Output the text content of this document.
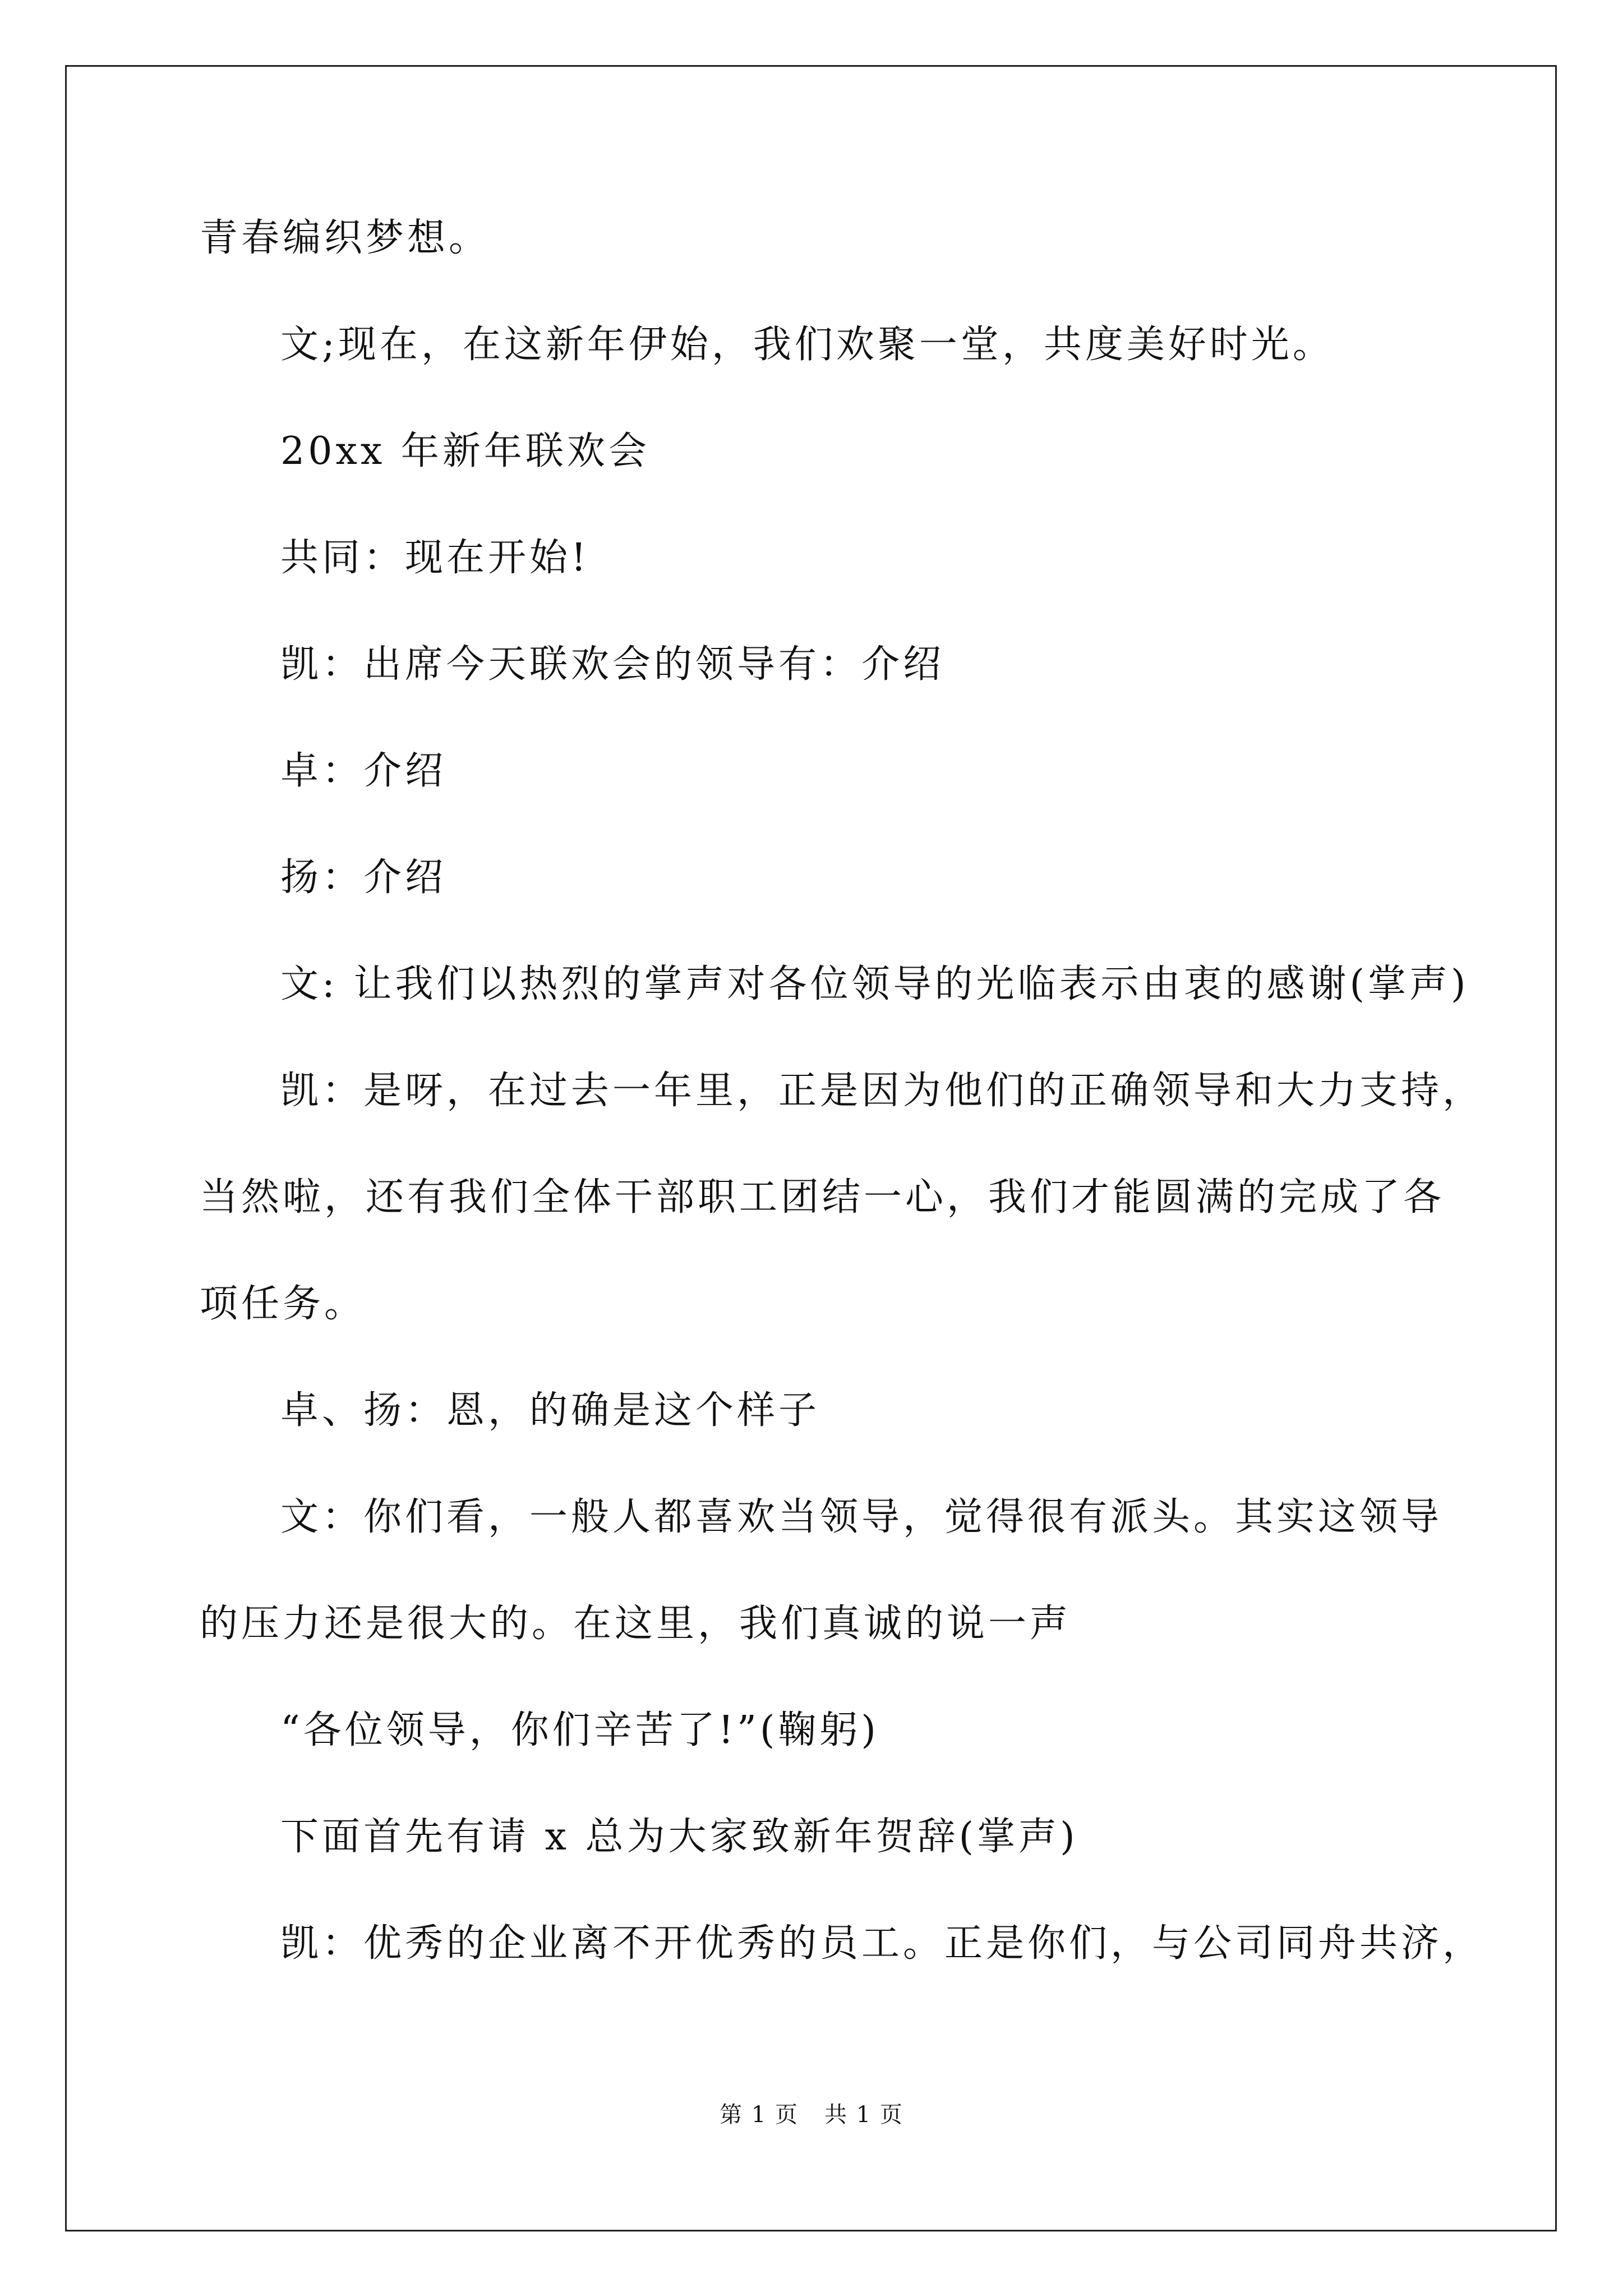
青春编织梦想。
文;现在，在这新年伊始，我们欢聚一堂，共度美好时光。
20xx 年新年联欢会
共同：现在开始!
凯：出席今天联欢会的领导有：介绍
卓：介绍
扬：介绍
文: 让我们以热烈的掌声对各位领导的光临表示由衷的感谢(掌声)
凯：是呀，在过去一年里，正是因为他们的正确领导和大力支持，
当然啦，还有我们全体干部职工团结一心，我们才能圆满的完成了各
项任务。
卓、扬：恩，的确是这个样子
文：你们看，一般人都喜欢当领导，觉得很有派头。其实这领导
的压力还是很大的。在这里，我们真诚的说一声
“各位领导，你们辛苦了!”(鞠躬)
下面首先有请 x 总为大家致新年贺辞(掌声)
凯：优秀的企业离不开优秀的员工。正是你们，与公司同舟共济，
第 1 页 共 1 页
